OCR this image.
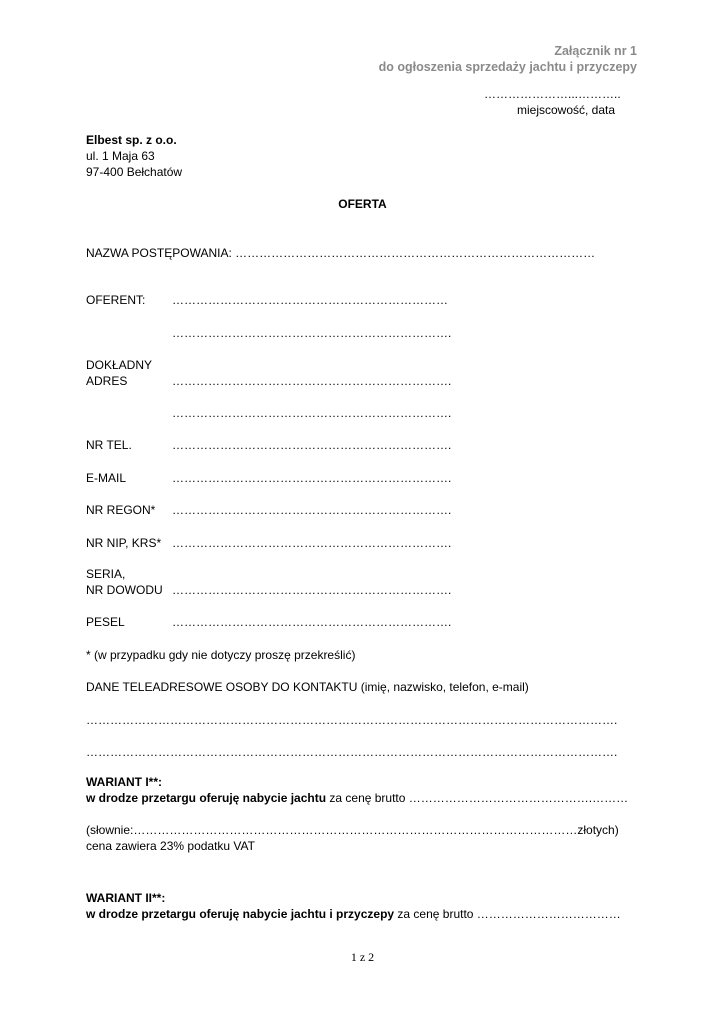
Załącznik nr 1
do ogłoszenia sprzedaży jachtu i przyczepy
…………………...………..
miejscowość, data
Elbest sp. z o.o.
ul. 1 Maja 63
97-400 Bełchatów
OFERTA
NAZWA POSTĘPOWANIA: ………………………………………………………………………………
OFERENT: ……………………………………………………………
…………………………………………………………….
DOKŁADNY
ADRES	…………………………………………………………….
…………………………………………………………….
NR TEL.	…………………………………………………………….
E-MAIL	…………………………………………………………….
NR REGON* …………………………………………………………….
NR NIP, KRS* …………………………………………………………….
SERIA,
NR DOWODU …………………………………………………………….
PESEL	…………………………………………………………….
* (w przypadku gdy nie dotyczy proszę przekreślić)
DANE TELEADRESOWE OSOBY DO KONTAKTU (imię, nazwisko, telefon, e-mail)
…………………………………………………………………………………………………………………….
…………………………………………………………………………………………………………………….
WARIANT I**:
w drodze przetargu oferuję nabycie jachtu za cenę brutto ……………………………………….………
(słownie:…………………………………………………………………………………………………złotych)
cena zawiera 23% podatku VAT
WARIANT II**:
w drodze przetargu oferuję nabycie jachtu i przyczepy za cenę brutto ………………………………
1 z 2
